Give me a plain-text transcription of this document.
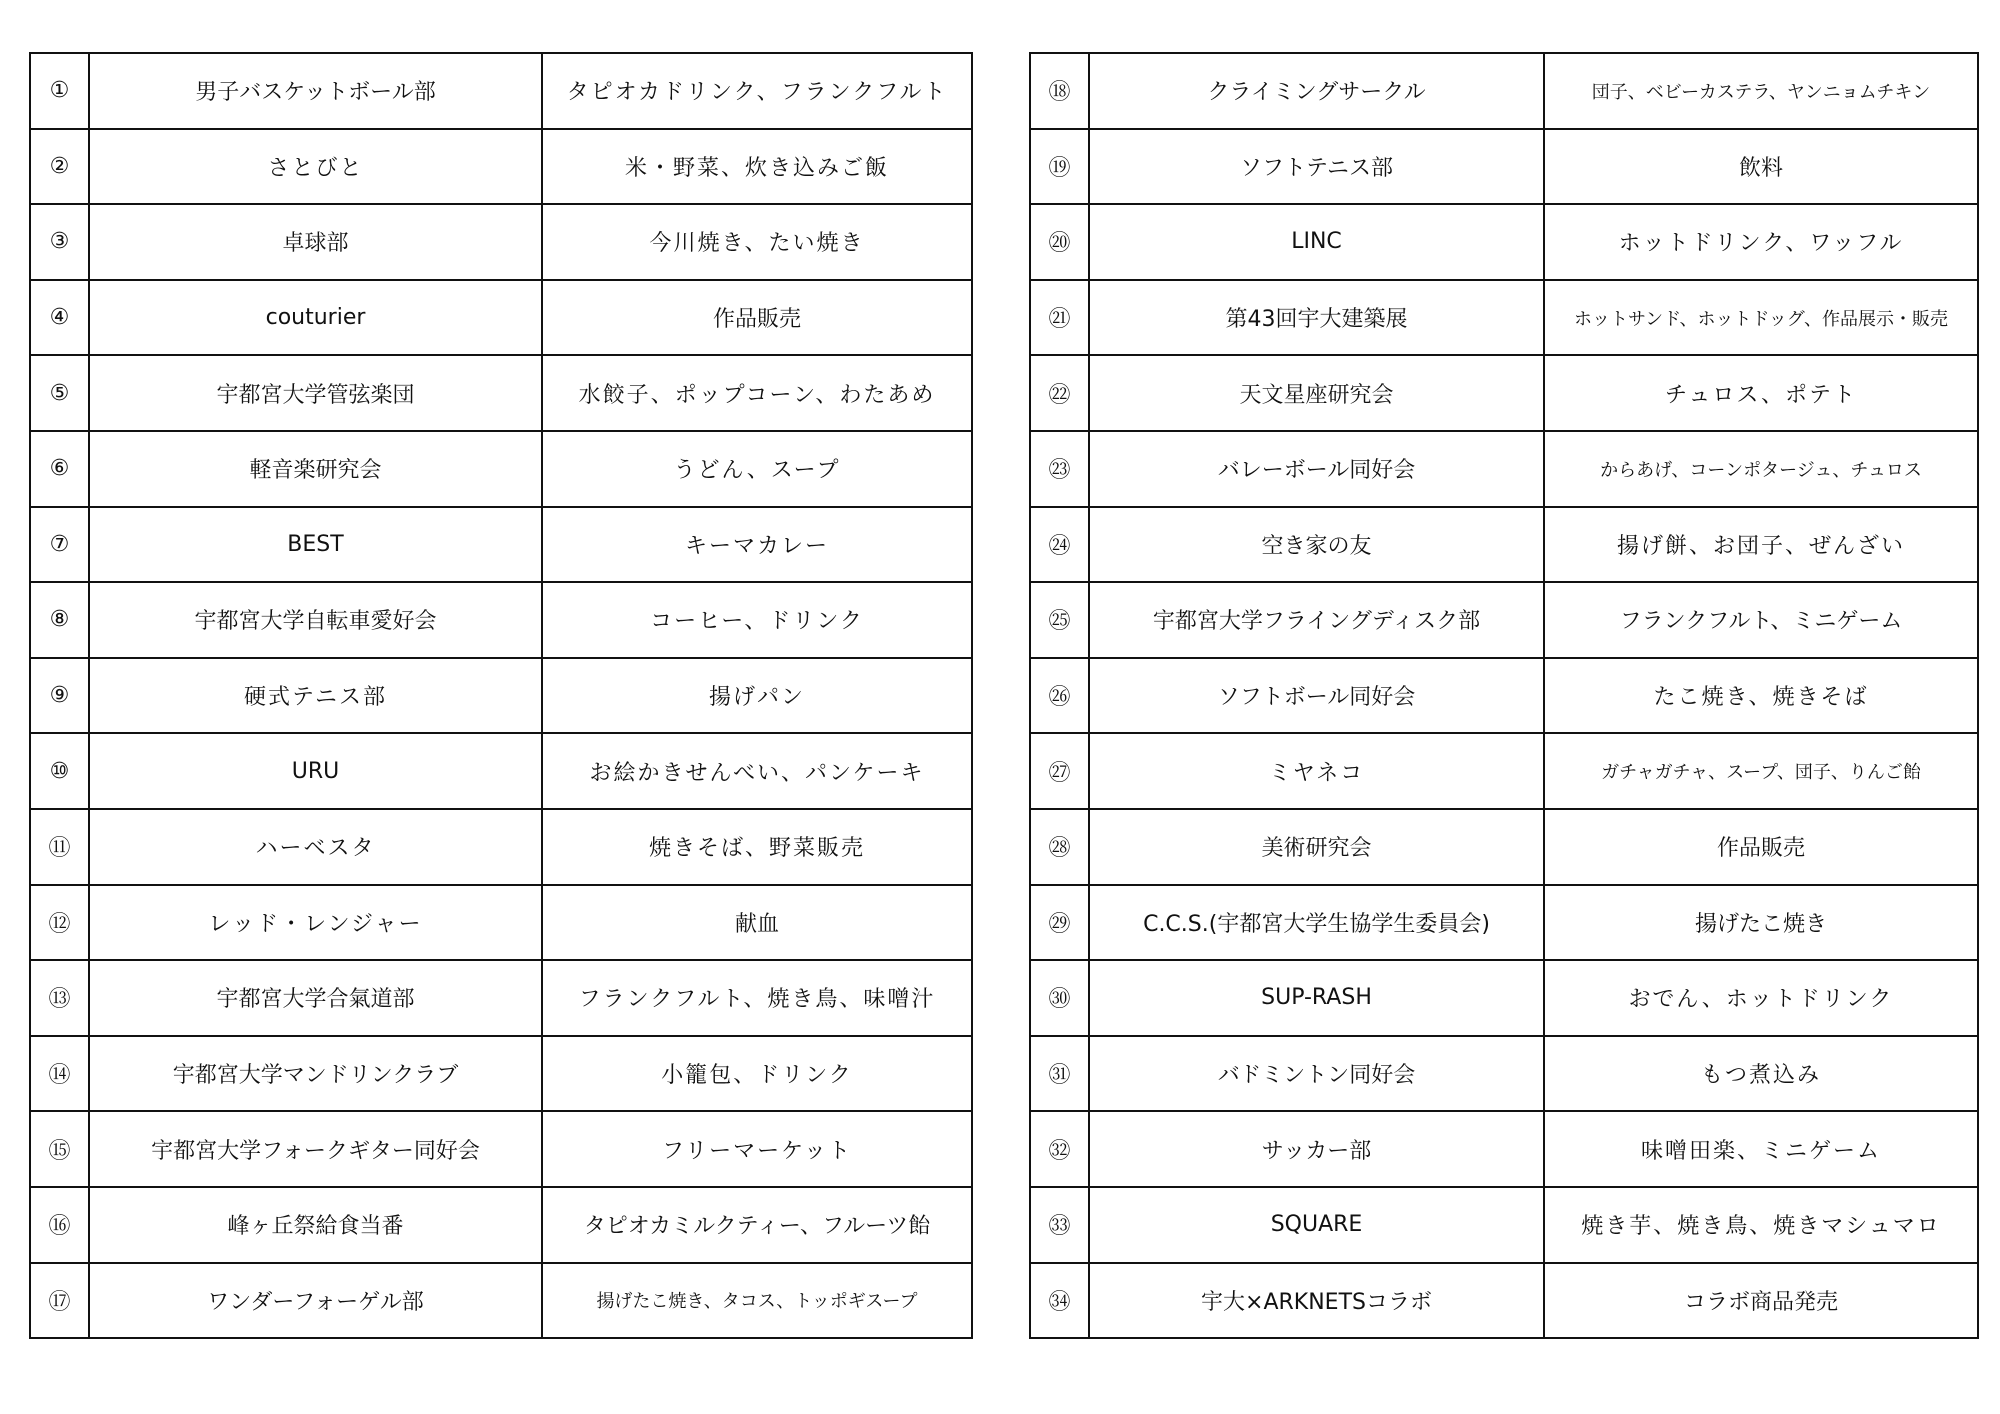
①	男子バスケットボール部	タピオカドリンク、フランクフルト
②	さとびと	米・野菜、炊き込みご飯
③	卓球部	今川焼き、たい焼き
④	couturier	作品販売
⑤	宇都宮大学管弦楽団	水餃子、ポップコーン、わたあめ
⑥	軽音楽研究会	うどん、スープ
⑦	BEST	キーマカレー
⑧	宇都宮大学自転車愛好会	コーヒー、ドリンク
⑨	硬式テニス部	揚げパン
⑩	URU	お絵かきせんべい、パンケーキ
⑪	ハーベスタ	焼きそば、野菜販売
⑫	レッド・レンジャー	献血
⑬	宇都宮大学合氣道部	フランクフルト、焼き鳥、味噌汁
⑭	宇都宮大学マンドリンクラブ	小籠包、ドリンク
⑮	宇都宮大学フォークギター同好会	フリーマーケット
⑯	峰ヶ丘祭給食当番	タピオカミルクティー、フルーツ飴
⑰	ワンダーフォーゲル部	揚げたこ焼き、タコス、トッポギスープ
⑱	クライミングサークル	団子、ベビーカステラ、ヤンニョムチキン
⑲	ソフトテニス部	飲料
⑳	LINC	ホットドリンク、ワッフル
㉑	第43回宇大建築展	ホットサンド、ホットドッグ、作品展示・販売
㉒	天文星座研究会	チュロス、ポテト
㉓	バレーボール同好会	からあげ、コーンポタージュ、チュロス
㉔	空き家の友	揚げ餅、お団子、ぜんざい
㉕	宇都宮大学フライングディスク部	フランクフルト、ミニゲーム
㉖	ソフトボール同好会	たこ焼き、焼きそば
㉗	ミヤネコ	ガチャガチャ、スープ、団子、りんご飴
㉘	美術研究会	作品販売
㉙	C.C.S.(宇都宮大学生協学生委員会)	揚げたこ焼き
㉚	SUP-RASH	おでん、ホットドリンク
㉛	バドミントン同好会	もつ煮込み
㉜	サッカー部	味噌田楽、ミニゲーム
㉝	SQUARE	焼き芋、焼き鳥、焼きマシュマロ
㉞	宇大×ARKNETSコラボ	コラボ商品発売
